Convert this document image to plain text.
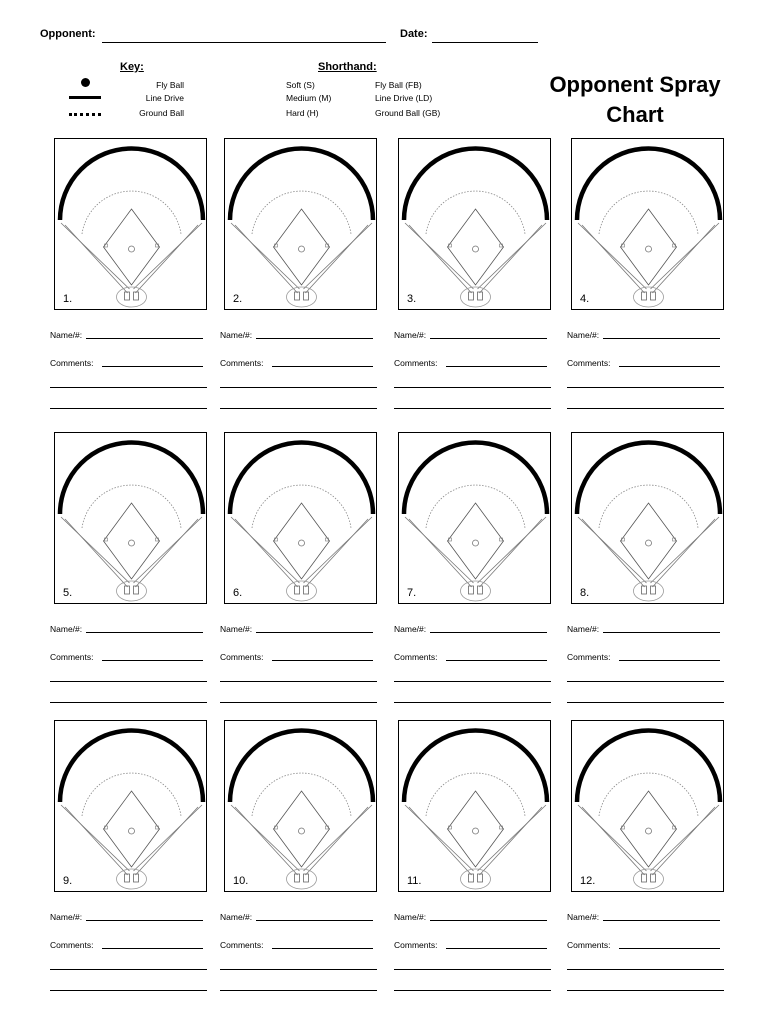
Opponent:	Date:
Key:
Fly Ball
Line Drive
Ground Ball
Shorthand:
Soft (S)
Medium (M)
Hard (H)
Fly Ball (FB)
Line Drive (LD)
Ground Ball (GB)
Opponent Spray
Chart
1.
Name/#:
Comments:
2.
Name/#:
Comments:
3.
Name/#:
Comments:
4.
Name/#:
Comments:
5.
Name/#:
Comments:
6.
Name/#:
Comments:
7.
Name/#:
Comments:
8.
Name/#:
Comments:
9.
Name/#:
Comments:
10.
Name/#:
Comments:
11.
Name/#:
Comments:
12.
Name/#:
Comments:
